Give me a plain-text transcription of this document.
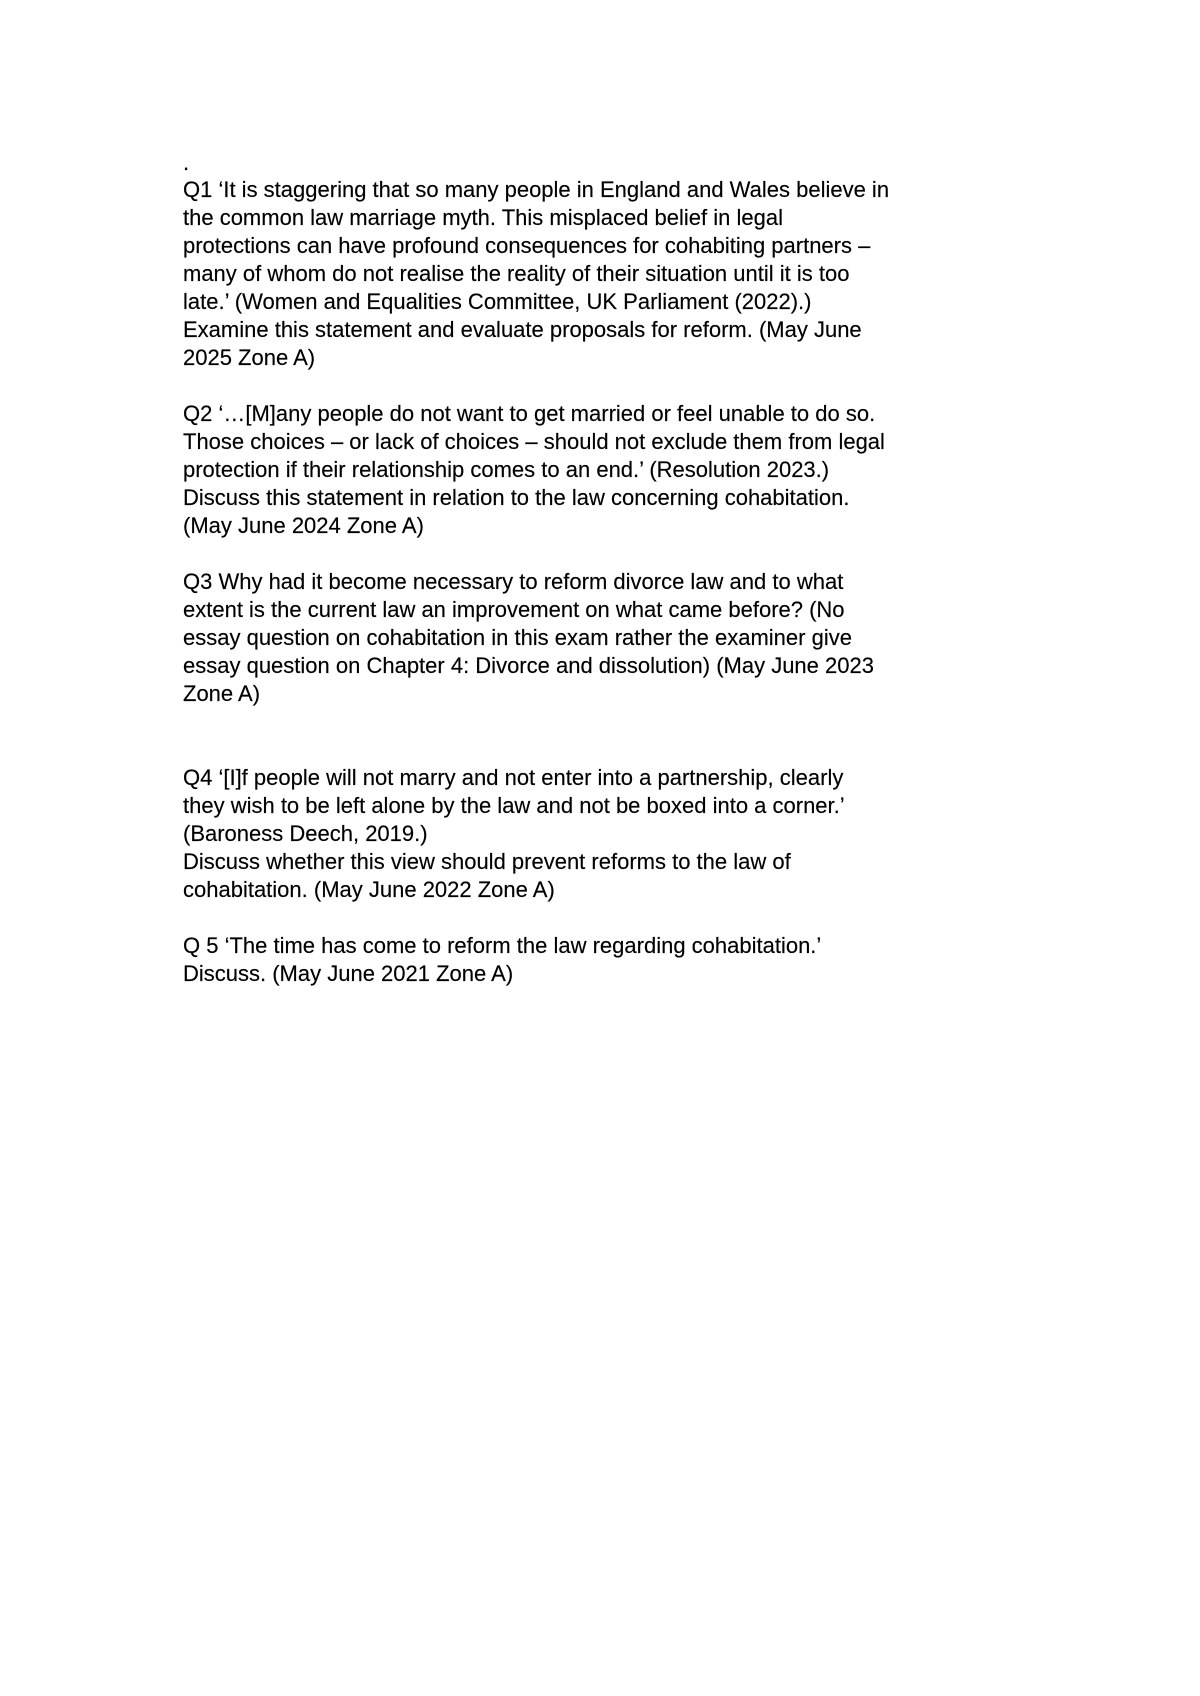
.
Q1 ‘It is staggering that so many people in England and Wales believe in
the common law marriage myth. This misplaced belief in legal
protections can have profound consequences for cohabiting partners –
many of whom do not realise the reality of their situation until it is too
late.’ (Women and Equalities Committee, UK Parliament (2022).)
Examine this statement and evaluate proposals for reform. (May June
2025 Zone A)
Q2 ‘…[M]any people do not want to get married or feel unable to do so.
Those choices – or lack of choices – should not exclude them from legal
protection if their relationship comes to an end.’ (Resolution 2023.)
Discuss this statement in relation to the law concerning cohabitation.
(May June 2024 Zone A)
Q3 Why had it become necessary to reform divorce law and to what
extent is the current law an improvement on what came before? (No
essay question on cohabitation in this exam rather the examiner give
essay question on Chapter 4: Divorce and dissolution) (May June 2023
Zone A)
Q4 ‘[I]f people will not marry and not enter into a partnership, clearly
they wish to be left alone by the law and not be boxed into a corner.’
(Baroness Deech, 2019.)
Discuss whether this view should prevent reforms to the law of
cohabitation. (May June 2022 Zone A)
Q 5 ‘The time has come to reform the law regarding cohabitation.’
Discuss. (May June 2021 Zone A)
